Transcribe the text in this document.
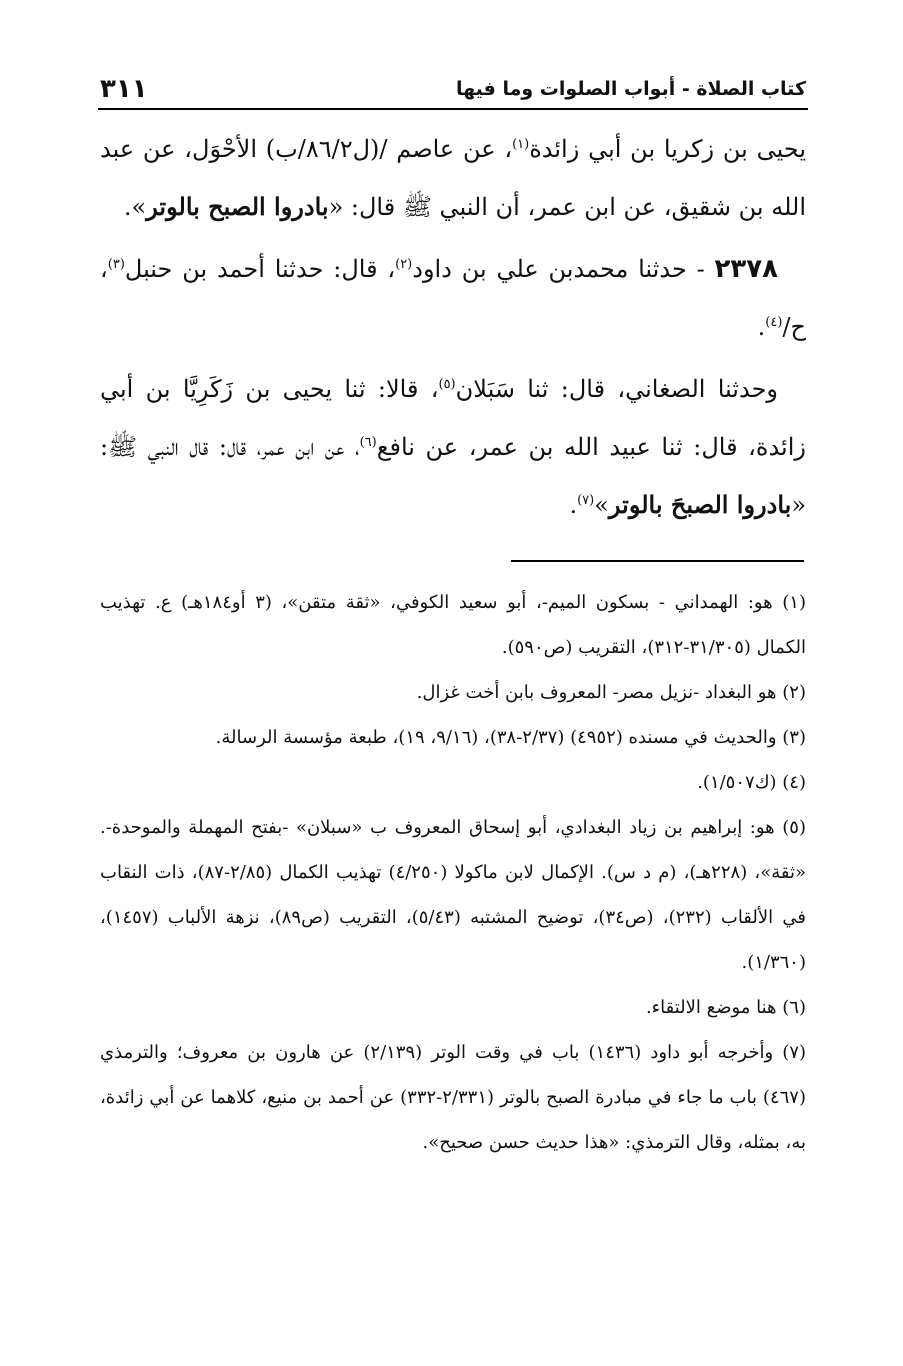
كتاب الصلاة - أبواب الصلوات وما فيها
٣١١

يحيى بن زكريا بن أبي زائدة$^{(١)}$، عن عاصم /(ل٨٦/٢/ب) الأحْوَل، عن عبد الله بن شقيق، عن ابن عمر، أن النبي ﷺ قال: «بادروا الصبح بالوتر».

٢٣٧٨ - حدثنا محمدبن علي بن داود$^{(٢)}$، قال: حدثنا أحمد بن حنبل$^{(٣)}$، ح/$^{(٤)}$.

وحدثنا الصغاني، قال: ثنا سَبَلان$^{(٥)}$، قالا: ثنا يحيى بن زَكَرِيَّا بن أبي زائدة، قال: ثنا عبيد الله بن عمر، عن نافع$^{(٦)}$، عن ابن عمر، قال: قال النبي ﷺ: «بادروا الصبحَ بالوتر»$^{(٧)}$.

(١) هو: الهمداني - بسكون الميم-، أبو سعيد الكوفي، «ثقة متقن»، (٣ أو١٨٤هـ) ع. تهذيب الكمال (٣١/٣٠٥-٣١٢)، التقريب (ص٥٩٠).

(٢) هو البغداد -نزيل مصر- المعروف بابن أخت غزال.

(٣) والحديث في مسنده (٤٩٥٢) (٢/٣٧-٣٨)، (٩/١٦، ١٩)، طبعة مؤسسة الرسالة.

(٤) (ك١/٥٠٧).

(٥) هو: إبراهيم بن زياد البغدادي، أبو إسحاق المعروف ب «سبلان» -بفتح المهملة والموحدة-. «ثقة»، (٢٢٨هـ)، (م د س). الإكمال لابن ماكولا (٤/٢٥٠) تهذيب الكمال (٢/٨٥-٨٧)، ذات النقاب في الألقاب (٢٣٢)، (ص٣٤)، توضيح المشتبه (٥/٤٣)، التقريب (ص٨٩)، نزهة الألباب (١٤٥٧)، (١/٣٦٠).

(٦) هنا موضع الالتقاء.

(٧) وأخرجه أبو داود (١٤٣٦) باب في وقت الوتر (٢/١٣٩) عن هارون بن معروف؛ والترمذي (٤٦٧) باب ما جاء في مبادرة الصبح بالوتر (٢/٣٣١-٣٣٢) عن أحمد بن منيع، كلاهما عن أبي زائدة، به، بمثله، وقال الترمذي: «هذا حديث حسن صحيح».
